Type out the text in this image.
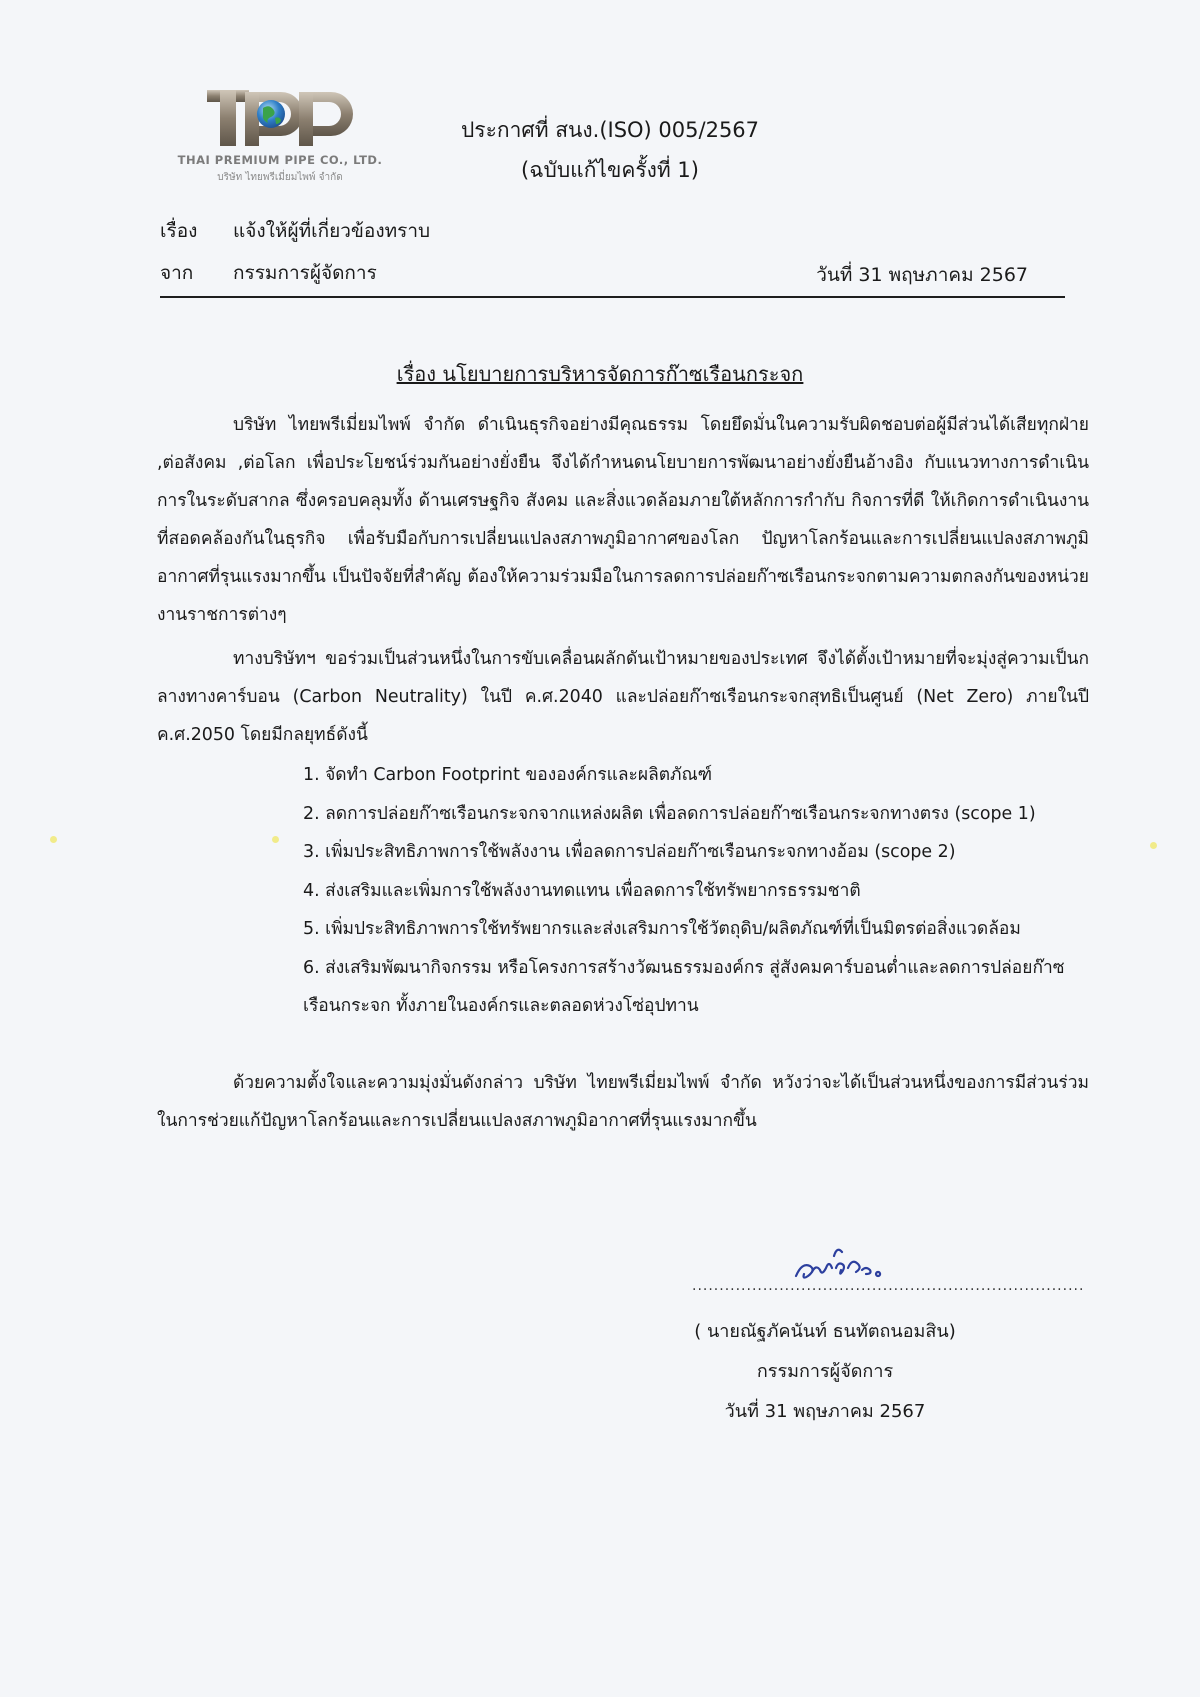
THAI PREMIUM PIPE CO., LTD.
บริษัท ไทยพรีเมี่ยมไพพ์ จำกัด
ประกาศที่ สนง.(ISO) 005/2567
(ฉบับแก้ไขครั้งที่ 1)
เรื่อง แจ้งให้ผู้ที่เกี่ยวข้องทราบ
จาก กรรมการผู้จัดการ	วันที่ 31 พฤษภาคม 2567
เรื่อง นโยบายการบริหารจัดการก๊าซเรือนกระจก
บริษัท ไทยพรีเมี่ยมไพพ์ จำกัด ดำเนินธุรกิจอย่างมีคุณธรรม โดยยึดมั่นในความรับผิดชอบต่อผู้มีส่วนได้เสียทุกฝ่าย ,ต่อสังคม ,ต่อโลก เพื่อประโยชน์ร่วมกันอย่างยั่งยืน จึงได้กำหนดนโยบายการพัฒนาอย่างยั่งยืนอ้างอิง กับแนวทางการดำเนินการในระดับสากล ซึ่งครอบคลุมทั้ง ด้านเศรษฐกิจ สังคม และสิ่งแวดล้อมภายใต้หลักการกำกับ กิจการที่ดี ให้เกิดการดำเนินงานที่สอดคล้องกันในธุรกิจ เพื่อรับมือกับการเปลี่ยนแปลงสภาพภูมิอากาศของโลก ปัญหาโลกร้อนและการเปลี่ยนแปลงสภาพภูมิอากาศที่รุนแรงมากขึ้น เป็นปัจจัยที่สำคัญ ต้องให้ความร่วมมือในการลดการปล่อยก๊าซเรือนกระจกตามความตกลงกันของหน่วยงานราชการต่างๆ
ทางบริษัทฯ ขอร่วมเป็นส่วนหนึ่งในการขับเคลื่อนผลักดันเป้าหมายของประเทศ จึงได้ตั้งเป้าหมายที่จะมุ่งสู่ความเป็นกลางทางคาร์บอน (Carbon Neutrality) ในปี ค.ศ.2040 และปล่อยก๊าซเรือนกระจกสุทธิเป็นศูนย์ (Net Zero) ภายในปี ค.ศ.2050 โดยมีกลยุทธ์ดังนี้
1. จัดทำ Carbon Footprint ขององค์กรและผลิตภัณฑ์
2. ลดการปล่อยก๊าซเรือนกระจกจากแหล่งผลิต เพื่อลดการปล่อยก๊าซเรือนกระจกทางตรง (scope 1)
3. เพิ่มประสิทธิภาพการใช้พลังงาน เพื่อลดการปล่อยก๊าซเรือนกระจกทางอ้อม (scope 2)
4. ส่งเสริมและเพิ่มการใช้พลังงานทดแทน เพื่อลดการใช้ทรัพยากรธรรมชาติ
5. เพิ่มประสิทธิภาพการใช้ทรัพยากรและส่งเสริมการใช้วัตถุดิบ/ผลิตภัณฑ์ที่เป็นมิตรต่อสิ่งแวดล้อม
6. ส่งเสริมพัฒนากิจกรรม หรือโครงการสร้างวัฒนธรรมองค์กร สู่สังคมคาร์บอนต่ำและลดการปล่อยก๊าซเรือนกระจก ทั้งภายในองค์กรและตลอดห่วงโซ่อุปทาน
ด้วยความตั้งใจและความมุ่งมั่นดังกล่าว บริษัท ไทยพรีเมี่ยมไพพ์ จำกัด หวังว่าจะได้เป็นส่วนหนึ่งของการมีส่วนร่วมในการช่วยแก้ปัญหาโลกร้อนและการเปลี่ยนแปลงสภาพภูมิอากาศที่รุนแรงมากขึ้น
........................................................................
( นายณัฐภัคนันท์ ธนทัตถนอมสิน)
กรรมการผู้จัดการ
วันที่ 31 พฤษภาคม 2567
